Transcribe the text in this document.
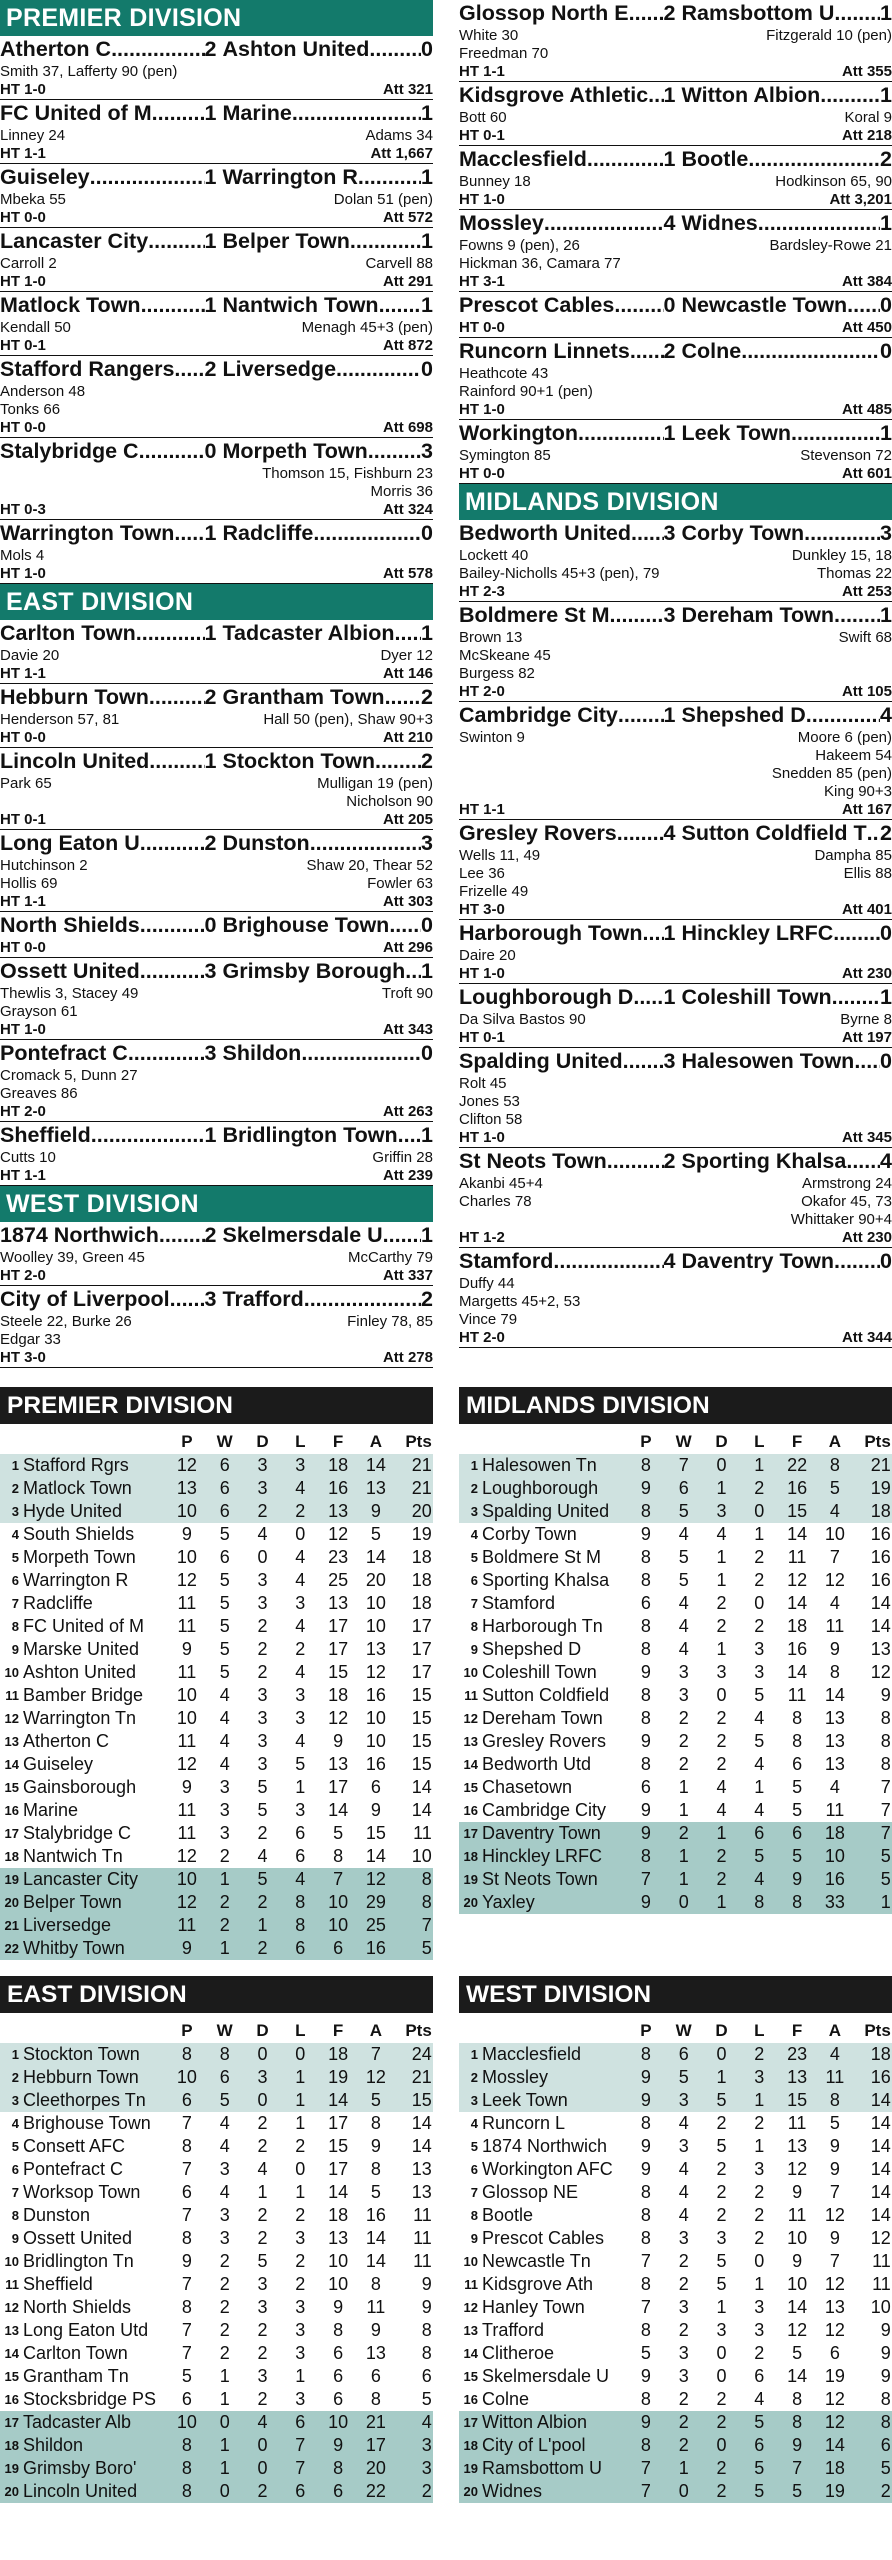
PREMIER DIVISION
Atherton C .....	2 Ashton United ..... 0
Smith 37, Lafferty 90 (pen)
HT 1-0	Att 321
FC United of M ..... 1 Marine .....	1
Linney 24	Adams 34
HT 1-1	Att 1,667
Guiseley .....	1 Warrington R .....	1
Mbeka 55	Dolan 51 (pen)
HT 0-0	Att 572
Lancaster City .....	1 Belper Town .....	1
Carroll 2	Carvell 88
HT 1-0	Att 291
Matlock Town .....	1 Nantwich Town ..... 1
Kendall 50	Menagh 45+3 (pen)
HT 0-1	Att 872
Stafford Rangers ..... 2 Liversedge .....	0
Anderson 48
Tonks 66
HT 0-0	Att 698
Stalybridge C .....	0 Morpeth Town ..... 3
Thomson 15, Fishburn 23
Morris 36
HT 0-3	Att 324
Warrington Town ..... 1 Radcliffe .....	0
Mols 4
HT 1-0	Att 578
EAST DIVISION
Carlton Town .....	1 Tadcaster Albion ..... 1
Davie 20	Dyer 12
HT 1-1	Att 146
Hebburn Town .....	2 Grantham Town ..... 2
Henderson 57, 81	Hall 50 (pen), Shaw 90+3
HT 0-0	Att 210
Lincoln United .....	1 Stockton Town ..... 2
Park 65	Mulligan 19 (pen)
Nicholson 90
HT 0-1	Att 205
Long Eaton U .....	2 Dunston .....	3
Hutchinson 2	Shaw 20, Thear 52
Hollis 69	Fowler 63
HT 1-1	Att 303
North Shields .....	0 Brighouse Town ..... 0
HT 0-0	Att 296
Ossett United .....	3 Grimsby Borough ..... 1
Thewlis 3, Stacey 49	Troft 90
Grayson 61
HT 1-0	Att 343
Pontefract C .....	3 Shildon .....	0
Cromack 5, Dunn 27
Greaves 86
HT 2-0	Att 263
Sheffield .....	1 Bridlington Town ..... 1
Cutts 10	Griffin 28
HT 1-1	Att 239
WEST DIVISION
1874 Northwich ..... 2 Skelmersdale U ..... 1
Woolley 39, Green 45	McCarthy 79
HT 2-0	Att 337
City of Liverpool ..... 3 Trafford .....	2
Steele 22, Burke 26	Finley 78, 85
Edgar 33
HT 3-0	Att 278
Glossop North E ..... 2 Ramsbottom U ..... 1
White 30	Fitzgerald 10 (pen)
Freedman 70
HT 1-1	Att 355
Kidsgrove Athletic ..... 1 Witton Albion .....	1
Bott 60	Koral 9
HT 0-1	Att 218
Macclesfield .....	1 Bootle .....	2
Bunney 18	Hodkinson 65, 90
HT 1-0	Att 3,201
Mossley .....	4 Widnes .....	1
Fowns 9 (pen), 26	Bardsley-Rowe 21
Hickman 36, Camara 77
HT 3-1	Att 384
Prescot Cables ..... 0 Newcastle Town ..... 0
HT 0-0	Att 450
Runcorn Linnets ..... 2 Colne .....	0
Heathcote 43
Rainford 90+1 (pen)
HT 1-0	Att 485
Workington .....	1 Leek Town .....	1
Symington 85	Stevenson 72
HT 0-0	Att 601
MIDLANDS DIVISION
Bedworth United ..... 3 Corby Town .....	3
Lockett 40	Dunkley 15, 18
Bailey-Nicholls 45+3 (pen), 79	Thomas 22
HT 2-3	Att 253
Boldmere St M .....	3 Dereham Town ..... 1
Brown 13	Swift 68
McSkeane 45
Burgess 82
HT 2-0	Att 105
Cambridge City ..... 1 Shepshed D .....	4
Swinton 9	Moore 6 (pen)
Hakeem 54
Snedden 85 (pen)
King 90+3
HT 1-1	Att 167
Gresley Rovers ..... 4 Sutton Coldfield T ..... 2
Wells 11, 49	Dampha 85
Lee 36	Ellis 88
Frizelle 49
HT 3-0	Att 401
Harborough Town ..... 1 Hinckley LRFC ..... 0
Daire 20
HT 1-0	Att 230
Loughborough D ..... 1 Coleshill Town ..... 1
Da Silva Bastos 90	Byrne 8
HT 0-1	Att 197
Spalding United ..... 3 Halesowen Town ..... 0
Rolt 45
Jones 53
Clifton 58
HT 1-0	Att 345
St Neots Town .....	2 Sporting Khalsa ..... 4
Akanbi 45+4	Armstrong 24
Charles 78	Okafor 45, 73
Whittaker 90+4
HT 1-2	Att 230
Stamford .....	4 Daventry Town ..... 0
Duffy 44
Margetts 45+2, 53
Vince 79
HT 2-0	Att 344
PREMIER DIVISION
P	W	D	L	F	A	Pts
1 Stafford Rgrs	12	6	3	3	18 14	21
2 Matlock Town	13	6	3	4	16 13	21
3 Hyde United	10	6	2	2	13	9	20
4 South Shields	9	5	4	0	12	5	19
5 Morpeth Town	10	6	0	4	23 14	18
6 Warrington R	12	5	3	4	25 20	18
7 Radcliffe	11	5	3	3	13 10	18
8 FC United of M	11	5	2	4	17 10	17
9 Marske United	9	5	2	2	17 13	17
10 Ashton United	11	5	2	4	15 12	17
11 Bamber Bridge	10	4	3	3	18 16	15
12 Warrington Tn	10	4	3	3	12 10	15
13 Atherton C	11	4	3	4	9	10	15
14 Guiseley	12	4	3	5	13 16	15
15 Gainsborough	9	3	5	1	17	6	14
16 Marine	11	3	5	3	14	9	14
17 Stalybridge C	11	3	2	6	5	15	11
18 Nantwich Tn	12	2	4	6	8	14	10
19 Lancaster City	10	1	5	4	7	12	8
20 Belper Town	12	2	2	8	10 29	8
21 Liversedge	11	2	1	8	10 25	7
22 Whitby Town	9	1	2	6	6	16	5
MIDLANDS DIVISION
P	W	D	L	F	A	Pts
1 Halesowen Tn	8	7	0	1	22	8	21
2 Loughborough	9	6	1	2	16	5	19
3 Spalding United	8	5	3	0	15	4	18
4 Corby Town	9	4	4	1	14 10	16
5 Boldmere St M	8	5	1	2	11	7	16
6 Sporting Khalsa	8	5	1	2	12 12	16
7 Stamford	6	4	2	0	14	4	14
8 Harborough Tn	8	4	2	2	18	11	14
9 Shepshed D	8	4	1	3	16	9	13
10 Coleshill Town	9	3	3	3	14	8	12
11 Sutton Coldfield	8	3	0	5	11	14	9
12 Dereham Town	8	2	2	4	8	13	8
13 Gresley Rovers	9	2	2	5	8	13	8
14 Bedworth Utd	8	2	2	4	6	13	8
15 Chasetown	6	1	4	1	5	4	7
16 Cambridge City	9	1	4	4	5	11	7
17 Daventry Town	9	2	1	6	6	18	7
18 Hinckley LRFC	8	1	2	5	5	10	5
19 St Neots Town	7	1	2	4	9	16	5
20 Yaxley	9	0	1	8	8	33	1
EAST DIVISION
P	W	D	L	F	A	Pts
1 Stockton Town	8	8	0	0	18	7	24
2 Hebburn Town	10	6	3	1	19 12	21
3 Cleethorpes Tn	6	5	0	1	14	5	15
4 Brighouse Town	7	4	2	1	17	8	14
5 Consett AFC	8	4	2	2	15	9	14
6 Pontefract C	7	3	4	0	17	8	13
7 Worksop Town	6	4	1	1	14	5	13
8 Dunston	7	3	2	2	18 16	11
9 Ossett United	8	3	2	3	13 14	11
10 Bridlington Tn	9	2	5	2	10 14	11
11 Sheffield	7	2	3	2	10	8	9
12 North Shields	8	2	3	3	9	11	9
13 Long Eaton Utd	7	2	2	3	8	9	8
14 Carlton Town	7	2	2	3	6	13	8
15 Grantham Tn	5	1	3	1	6	6	6
16 Stocksbridge PS	6	1	2	3	6	8	5
17 Tadcaster Alb	10	0	4	6	10 21	4
18 Shildon	8	1	0	7	9	17	3
19 Grimsby Boro'	8	1	0	7	8	20	3
20 Lincoln United	8	0	2	6	6	22	2
WEST DIVISION
P	W	D	L	F	A	Pts
1 Macclesfield	8	6	0	2	23	4	18
2 Mossley	9	5	1	3	13	11	16
3 Leek Town	9	3	5	1	15	8	14
4 Runcorn L	8	4	2	2	11	5	14
5 1874 Northwich	9	3	5	1	13	9	14
6 Workington AFC	9	4	2	3	12	9	14
7 Glossop NE	8	4	2	2	9	7	14
8 Bootle	8	4	2	2	11	12	14
9 Prescot Cables	8	3	3	2	10	9	12
10 Newcastle Tn	7	2	5	0	9	7	11
11 Kidsgrove Ath	8	2	5	1	10 12	11
12 Hanley Town	7	3	1	3	14 13	10
13 Trafford	8	2	3	3	12 12	9
14 Clitheroe	5	3	0	2	5	6	9
15 Skelmersdale U	9	3	0	6	14 19	9
16 Colne	8	2	2	4	8	12	8
17 Witton Albion	9	2	2	5	8	12	8
18 City of L'pool	8	2	0	6	9	14	6
19 Ramsbottom U	7	1	2	5	7	18	5
20 Widnes	7	0	2	5	5	19	2
